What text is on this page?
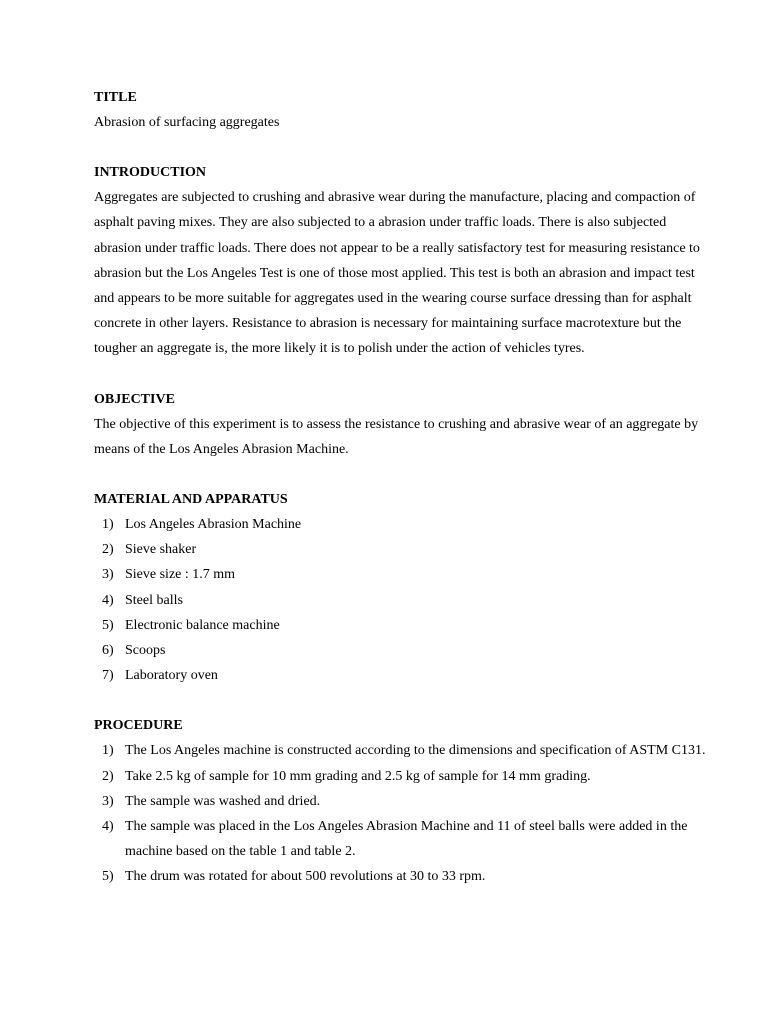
TITLE

Abrasion of surfacing aggregates

INTRODUCTION

Aggregates are subjected to crushing and abrasive wear during the manufacture, placing and compaction of asphalt paving mixes. They are also subjected to a abrasion under traffic loads. There is also subjected abrasion under traffic loads. There does not appear to be a really satisfactory test for measuring resistance to abrasion but the Los Angeles Test is one of those most applied. This test is both an abrasion and impact test and appears to be more suitable for aggregates used in the wearing course surface dressing than for asphalt concrete in other layers. Resistance to abrasion is necessary for maintaining surface macrotexture but the tougher an aggregate is, the more likely it is to polish under the action of vehicles tyres.

OBJECTIVE

The objective of this experiment is to assess the resistance to crushing and abrasive wear of an aggregate by means of the Los Angeles Abrasion Machine.

MATERIAL AND APPARATUS

1) Los Angeles Abrasion Machine
2) Sieve shaker
3) Sieve size : 1.7 mm
4) Steel balls
5) Electronic balance machine
6) Scoops
7) Laboratory oven

PROCEDURE

1) The Los Angeles machine is constructed according to the dimensions and specification of ASTM C131.
2) Take 2.5 kg of sample for 10 mm grading and 2.5 kg of sample for 14 mm grading.
3) The sample was washed and dried.
4) The sample was placed in the Los Angeles Abrasion Machine and 11 of steel balls were added in the machine based on the table 1 and table 2.
5) The drum was rotated for about 500 revolutions at 30 to 33 rpm.
